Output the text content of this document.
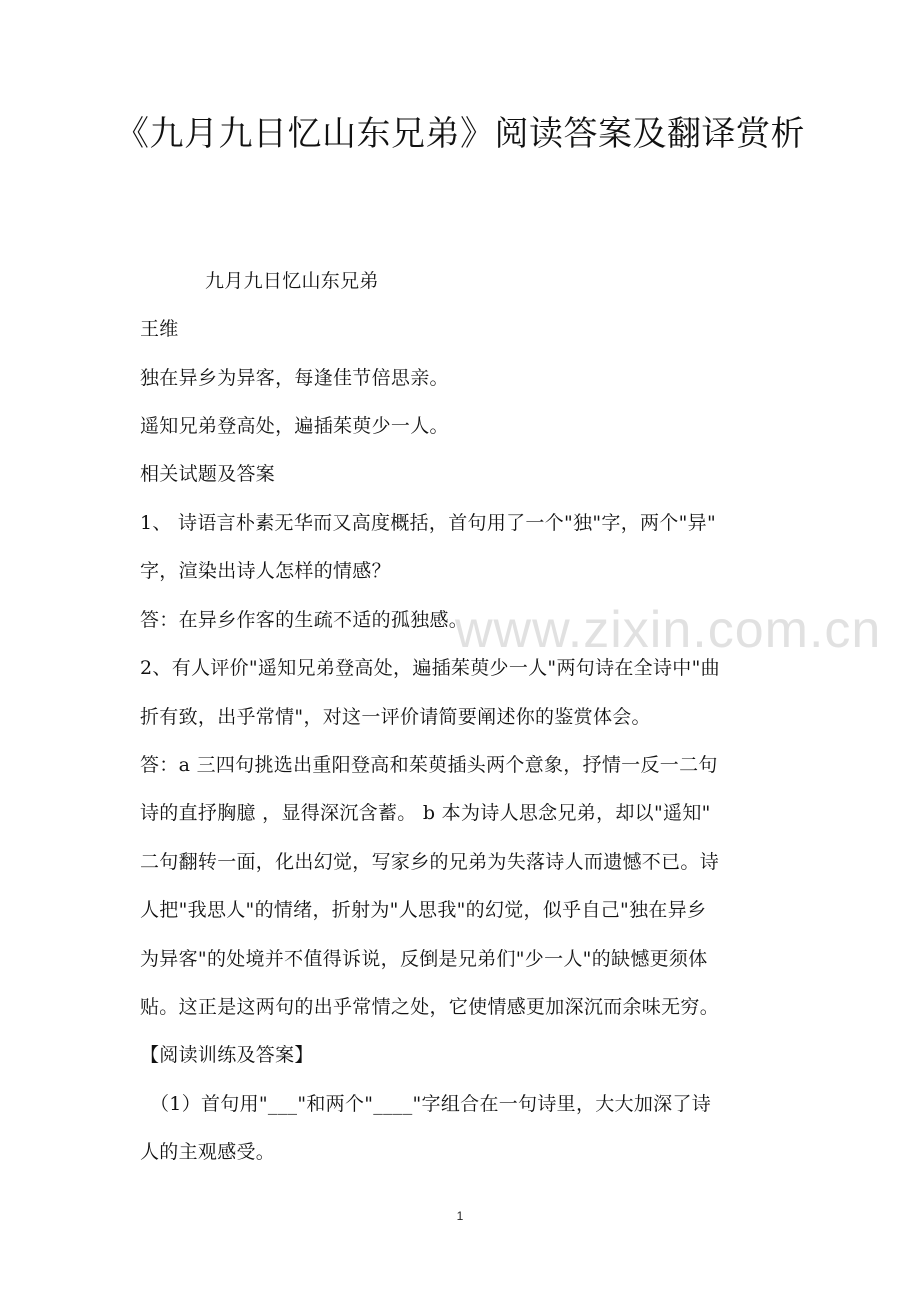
《九月九日忆山东兄弟》阅读答案及翻译赏析

九月九日忆山东兄弟

王维

独在异乡为异客，每逢佳节倍思亲。

遥知兄弟登高处，遍插茱萸少一人。

相关试题及答案

1、 诗语言朴素无华而又高度概括，首句用了一个"独"字，两个"异"

字，渲染出诗人怎样的情感？

答：在异乡作客的生疏不适的孤独感。

2、有人评价"遥知兄弟登高处，遍插茱萸少一人"两句诗在全诗中"曲

折有致，出乎常情"，对这一评价请简要阐述你的鉴赏体会。

答：a 三四句挑选出重阳登高和茱萸插头两个意象，抒情一反一二句

诗的直抒胸臆 ，显得深沉含蓄。 b 本为诗人思念兄弟，却以"遥知"

二句翻转一面，化出幻觉，写家乡的兄弟为失落诗人而遗憾不已。诗

人把"我思人"的情绪，折射为"人思我"的幻觉，似乎自己"独在异乡

为异客"的处境并不值得诉说，反倒是兄弟们"少一人"的缺憾更须体

贴。这正是这两句的出乎常情之处，它使情感更加深沉而余味无穷。

【阅读训练及答案】

（1）首句用"___"和两个"____"字组合在一句诗里，大大加深了诗

人的主观感受。

www.zixin.com.cn
1
